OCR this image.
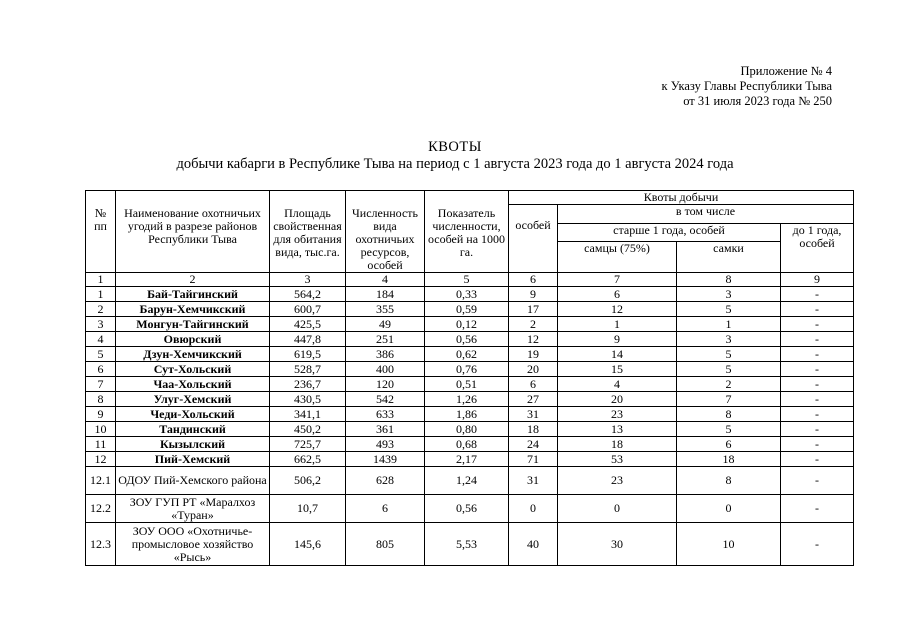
Приложение № 4
к Указу Главы Республики Тыва
от 31 июля 2023 года № 250
КВОТЫ
добычи кабарги в Республике Тыва на период с 1 августа 2023 года до 1 августа 2024 года
№ пп	Наименование охотничьих угодий в разрезе районов Республики Тыва	Площадь свойственная для обитания вида, тыс.га.	Численность вида охотничьих ресурсов, особей	Показатель численности, особей на 1000 га.	Квоты добычи			
					особей	в том числе		
						старше 1 года, особей		до 1 года, особей
						самцы (75%)	самки	
1	2	3	4	5	6	7	8	9
1	Бай-Тайгинский	564,2	184	0,33	9	6	3	-
2	Барун-Хемчикский	600,7	355	0,59	17	12	5	-
3	Монгун-Тайгинский	425,5	49	0,12	2	1	1	-
4	Овюрский	447,8	251	0,56	12	9	3	-
5	Дзун-Хемчикский	619,5	386	0,62	19	14	5	-
6	Сут-Хольский	528,7	400	0,76	20	15	5	-
7	Чаа-Хольский	236,7	120	0,51	6	4	2	-
8	Улуг-Хемский	430,5	542	1,26	27	20	7	-
9	Чеди-Хольский	341,1	633	1,86	31	23	8	-
10	Тандинский	450,2	361	0,80	18	13	5	-
11	Кызылский	725,7	493	0,68	24	18	6	-
12	Пий-Хемский	662,5	1439	2,17	71	53	18	-
12.1	ОДОУ Пий-Хемского района	506,2	628	1,24	31	23	8	-
12.2	ЗОУ ГУП РТ «Маралхоз «Туран»	10,7	6	0,56	0	0	0	-
12.3	ЗОУ ООО «Охотничье-промысловое хозяйство «Рысь»	145,6	805	5,53	40	30	10	-
